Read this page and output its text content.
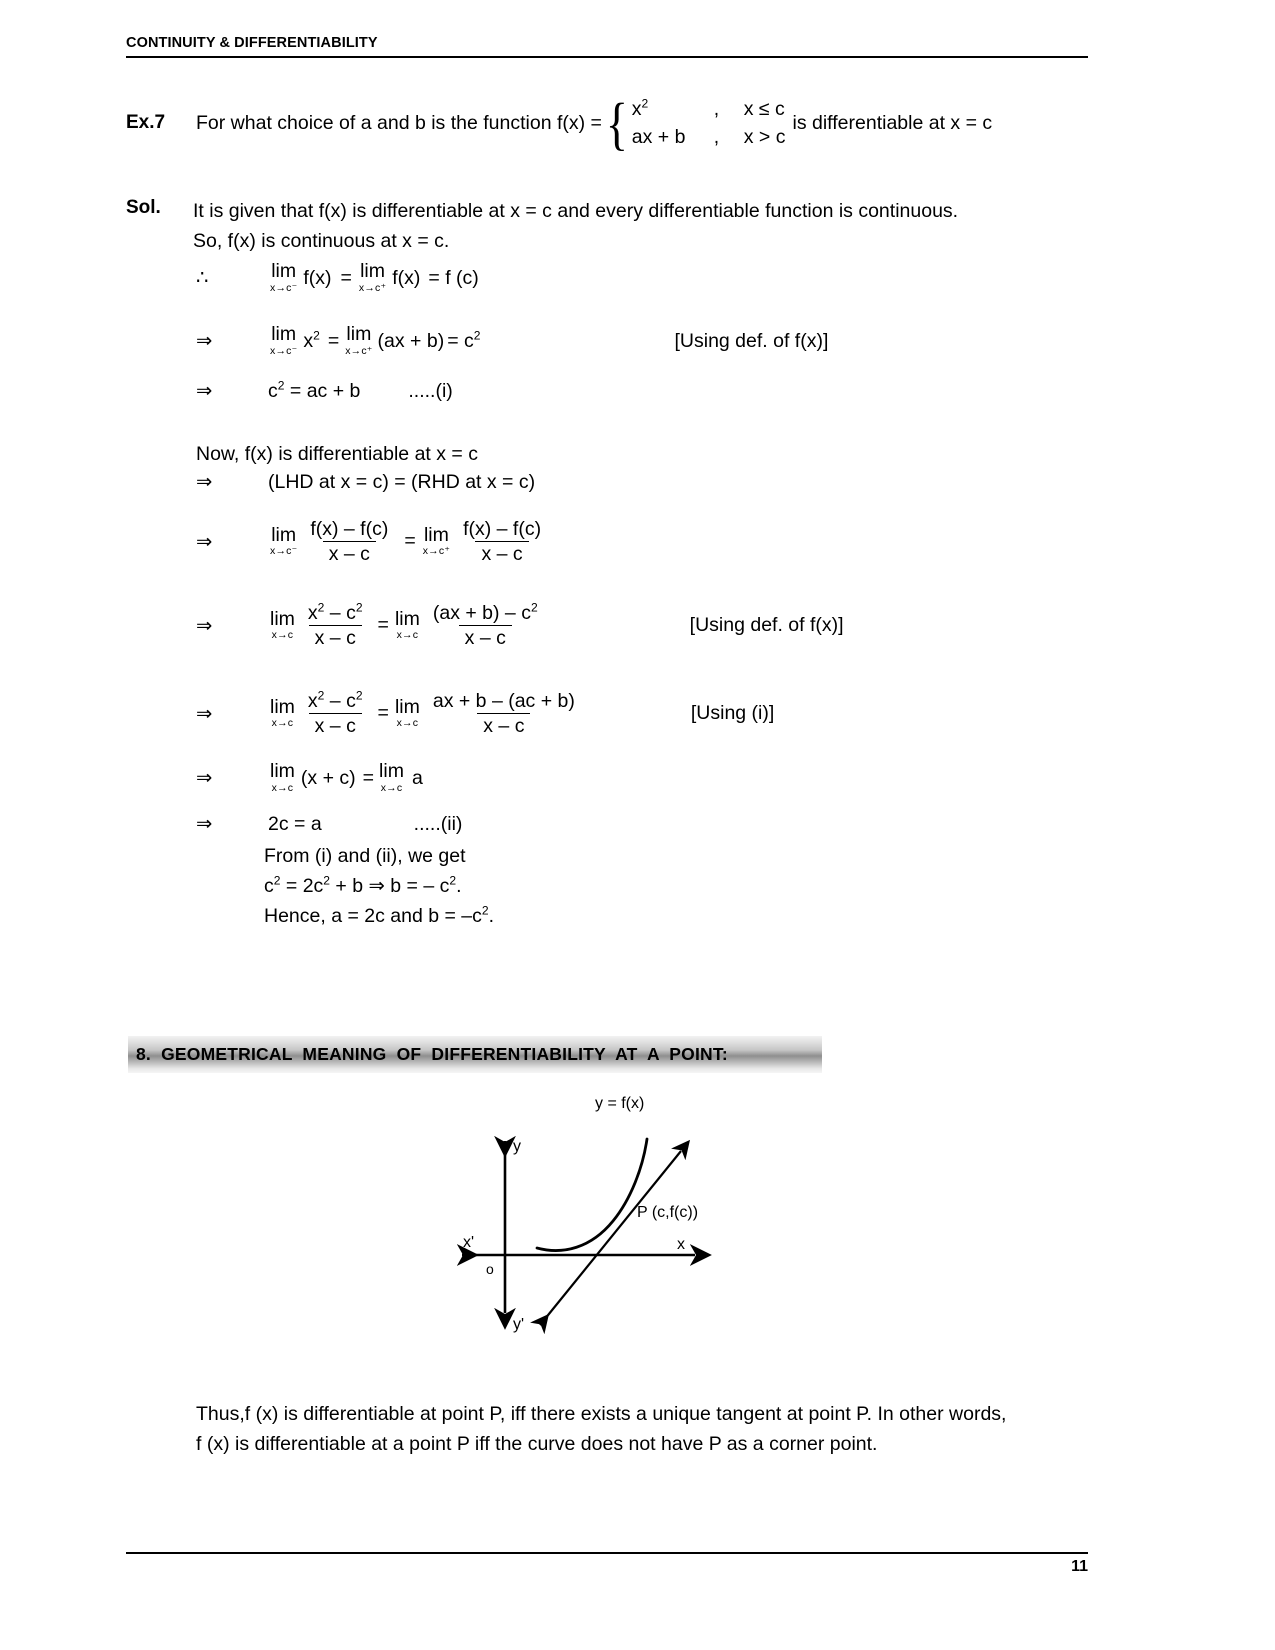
CONTINUITY & DIFFERENTIABILITY
Ex.7	For what choice of a and b is the function f(x) = { $x^2$	,	x ≤ c
ax + b	,	x > c
is differentiable at x = c
Sol.	It is given that f(x) is differentiable at x = c and every differentiable function is continuous.
So, f(x) is continuous at x = c.
∴	lim
x→c⁻ f(x) = lim
x→c⁺ f(x) = f (c)
⇒	lim
x→c⁻ $x^2 = \lim$
x→c⁺ $(ax + b) = c^2$	[Using def. of f(x)]
⇒	$c^2$ = ac + b .....(i)
Now, f(x) is differentiable at x = c
⇒	(LHD at x = c) = (RHD at x = c)
⇒	lim
$x\to c^- \frac{f(x) - f(c)}{x - c} = \lim$
$x\to c^+ \frac{f(x) - f(c)}{x - c}$
⇒	lim
$x\to c \frac{x^2 - c^2}{x - c} = \lim$
$x\to c \frac{(ax + b) - c^2}{x - c}$	[Using def. of f(x)]
⇒	lim
$x\to c \frac{x^2 - c^2}{x - c} = \lim$
$x\to c \frac{ax + b - (ac + b)}{x - c}$	[Using (i)]
⇒	lim
x→c (x + c) = lim
x→c a
⇒	2c = a	.....(ii)
From (i) and (ii), we get
$c^2 = 2c^2 + b$ ⇒ b = – $c^2$.
Hence, a = 2c and $b = -c^2$.
8.  GEOMETRICAL  MEANING  OF  DIFFERENTIABILITY  AT  A  POINT:
y
y'
x
x'
o
y = f(x)
P (c,f(c))
Thus,f (x) is differentiable at point P, iff there exists a unique tangent at point P. In other words,
f (x) is differentiable at a point P iff the curve does not have P as a corner point.
11
